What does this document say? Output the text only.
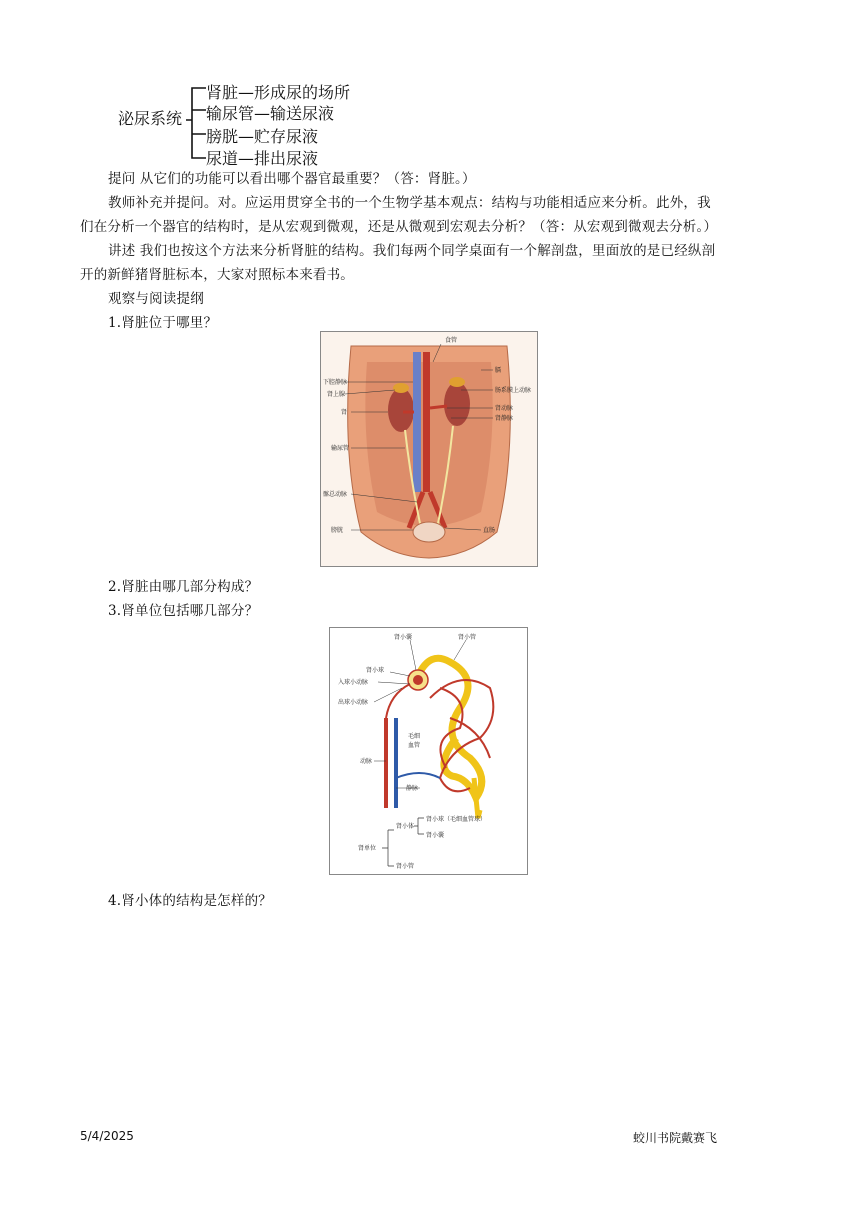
泌尿系统
肾脏—形成尿的场所
输尿管—输送尿液
膀胱—贮存尿液
尿道—排出尿液
提问 从它们的功能可以看出哪个器官最重要？（答：肾脏。）
教师补充并提问。对。应运用贯穿全书的一个生物学基本观点：结构与功能相适应来分析。此外，我
们在分析一个器官的结构时，是从宏观到微观，还是从微观到宏观去分析？（答：从宏观到微观去分析。）
讲述 我们也按这个方法来分析肾脏的结构。我们每两个同学桌面有一个解剖盘，里面放的是已经纵剖
开的新鲜猪肾脏标本，大家对照标本来看书。
观察与阅读提纲
1.肾脏位于哪里？
食管
膈
下腔静脉
肾上腺
肠系膜上动脉
肾
肾动脉
肾静脉
输尿管
髂总动脉
膀胱	直肠
2.肾脏由哪几部分构成？
3.肾单位包括哪几部分？
肾小囊	肾小管
肾小球
入球小动脉
出球小动脉
毛细血管
动脉
静脉
肾单位
肾小体
肾小球（毛细血管球）
肾小囊
肾小管
4.肾小体的结构是怎样的？
5/4/2025	蛟川书院戴赛飞
